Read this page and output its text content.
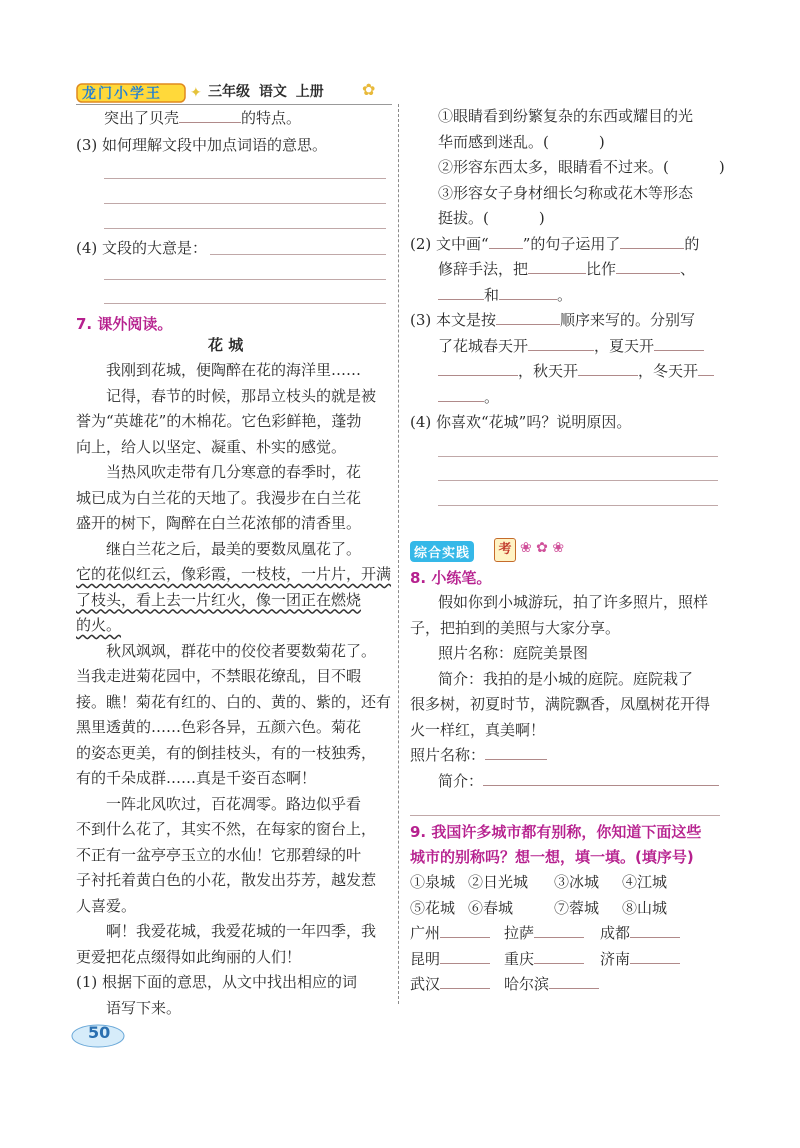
龙门小学王 ✦ 三年级 语文 上册 ✿
突出了贝壳	的特点。
(3) 如何理解文段中加点词语的意思。
(4) 文段的大意是：
7. 课外阅读。
花 城
我刚到花城，便陶醉在花的海洋里……
记得，春节的时候，那昂立枝头的就是被
誉为“英雄花”的木棉花。它色彩鲜艳，蓬勃
向上，给人以坚定、凝重、朴实的感觉。
当热风吹走带有几分寒意的春季时，花
城已成为白兰花的天地了。我漫步在白兰花
盛开的树下，陶醉在白兰花浓郁的清香里。
继白兰花之后，最美的要数凤凰花了。
它的花似红云，像彩霞，一枝枝，一片片，开满
了枝头，看上去一片红火，像一团正在燃烧
的火。
秋风飒飒，群花中的佼佼者要数菊花了。
当我走进菊花园中，不禁眼花缭乱，目不暇
接。瞧！菊花有红的、白的、黄的、紫的，还有
黑里透黄的……色彩各异，五颜六色。菊花
的姿态更美，有的倒挂枝头，有的一枝独秀，
有的千朵成群……真是千姿百态啊！
一阵北风吹过，百花凋零。路边似乎看
不到什么花了，其实不然，在每家的窗台上，
不正有一盆亭亭玉立的水仙！它那碧绿的叶
子衬托着黄白色的小花，散发出芬芳，越发惹
人喜爱。
啊！我爱花城，我爱花城的一年四季，我
更爱把花点缀得如此绚丽的人们！
(1) 根据下面的意思，从文中找出相应的词
语写下来。
50
①眼睛看到纷繁复杂的东西或耀目的光
华而感到迷乱。(	)
②形容东西太多，眼睛看不过来。(	)
③形容女子身材细长匀称或花木等形态
挺拔。(	)
(2) 文中画“ ”的句子运用了	的
修辞手法，把	比作	、
和	。
(3) 本文是按	顺序来写的。分别写
了花城春天开	，夏天开
，秋天开	，冬天开
。
(4) 你喜欢“花城”吗？说明原因。
综合实践	考 ❀ ✿ ❀
8. 小练笔。
假如你到小城游玩，拍了许多照片，照样
子，把拍到的美照与大家分享。
照片名称：庭院美景图
简介：我拍的是小城的庭院。庭院栽了
很多树，初夏时节，满院飘香，凤凰树花开得
火一样红，真美啊！
照片名称：
简介：
9. 我国许多城市都有别称，你知道下面这些
城市的别称吗？想一想，填一填。(填序号)
①泉城 ②日光城 ③冰城 ④江城
⑤花城 ⑥春城	⑦蓉城 ⑧山城
广州	拉萨	成都
昆明	重庆	济南
武汉	哈尔滨
